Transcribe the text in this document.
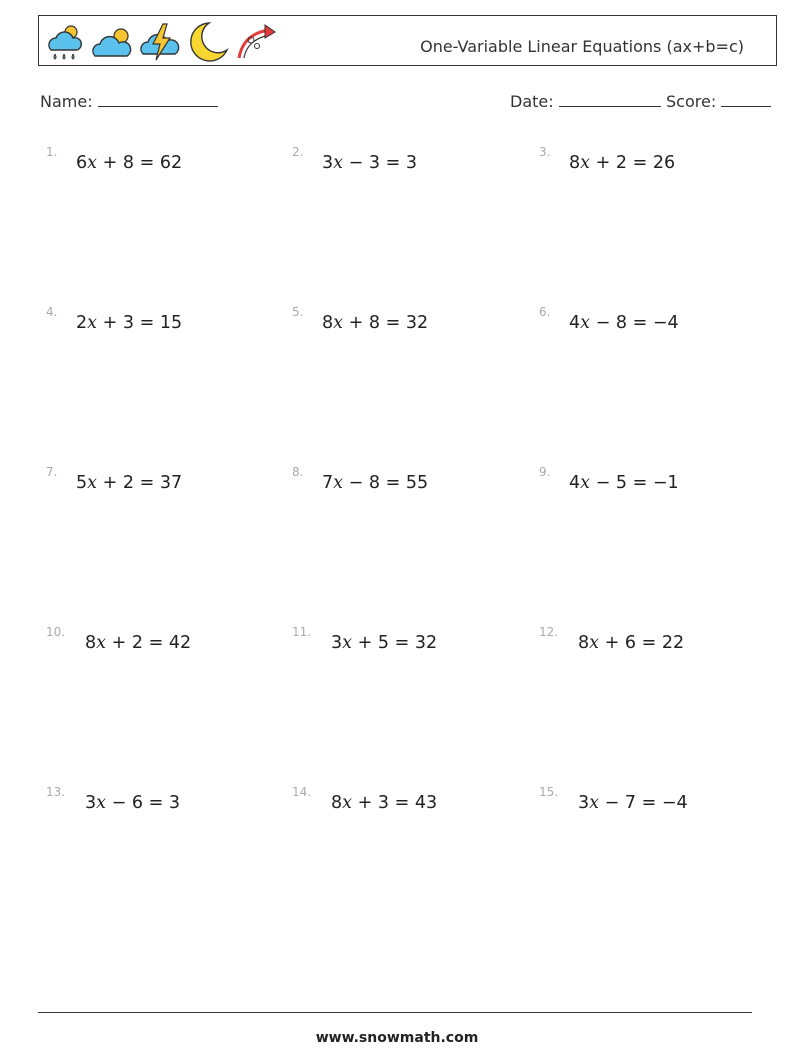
One-Variable Linear Equations (ax+b=c)
Name:	Date:	Score:
1.
6x + 8 = 62
2.
3x − 3 = 3
3.
8x + 2 = 26
4.
2x + 3 = 15
5.
8x + 8 = 32
6.
4x − 8 = −4
7.
5x + 2 = 37
8.
7x − 8 = 55
9.
4x − 5 = −1
10.
8x + 2 = 42
11.
3x + 5 = 32
12.
8x + 6 = 22
13.
3x − 6 = 3
14.
8x + 3 = 43
15.
3x − 7 = −4
www.snowmath.com
